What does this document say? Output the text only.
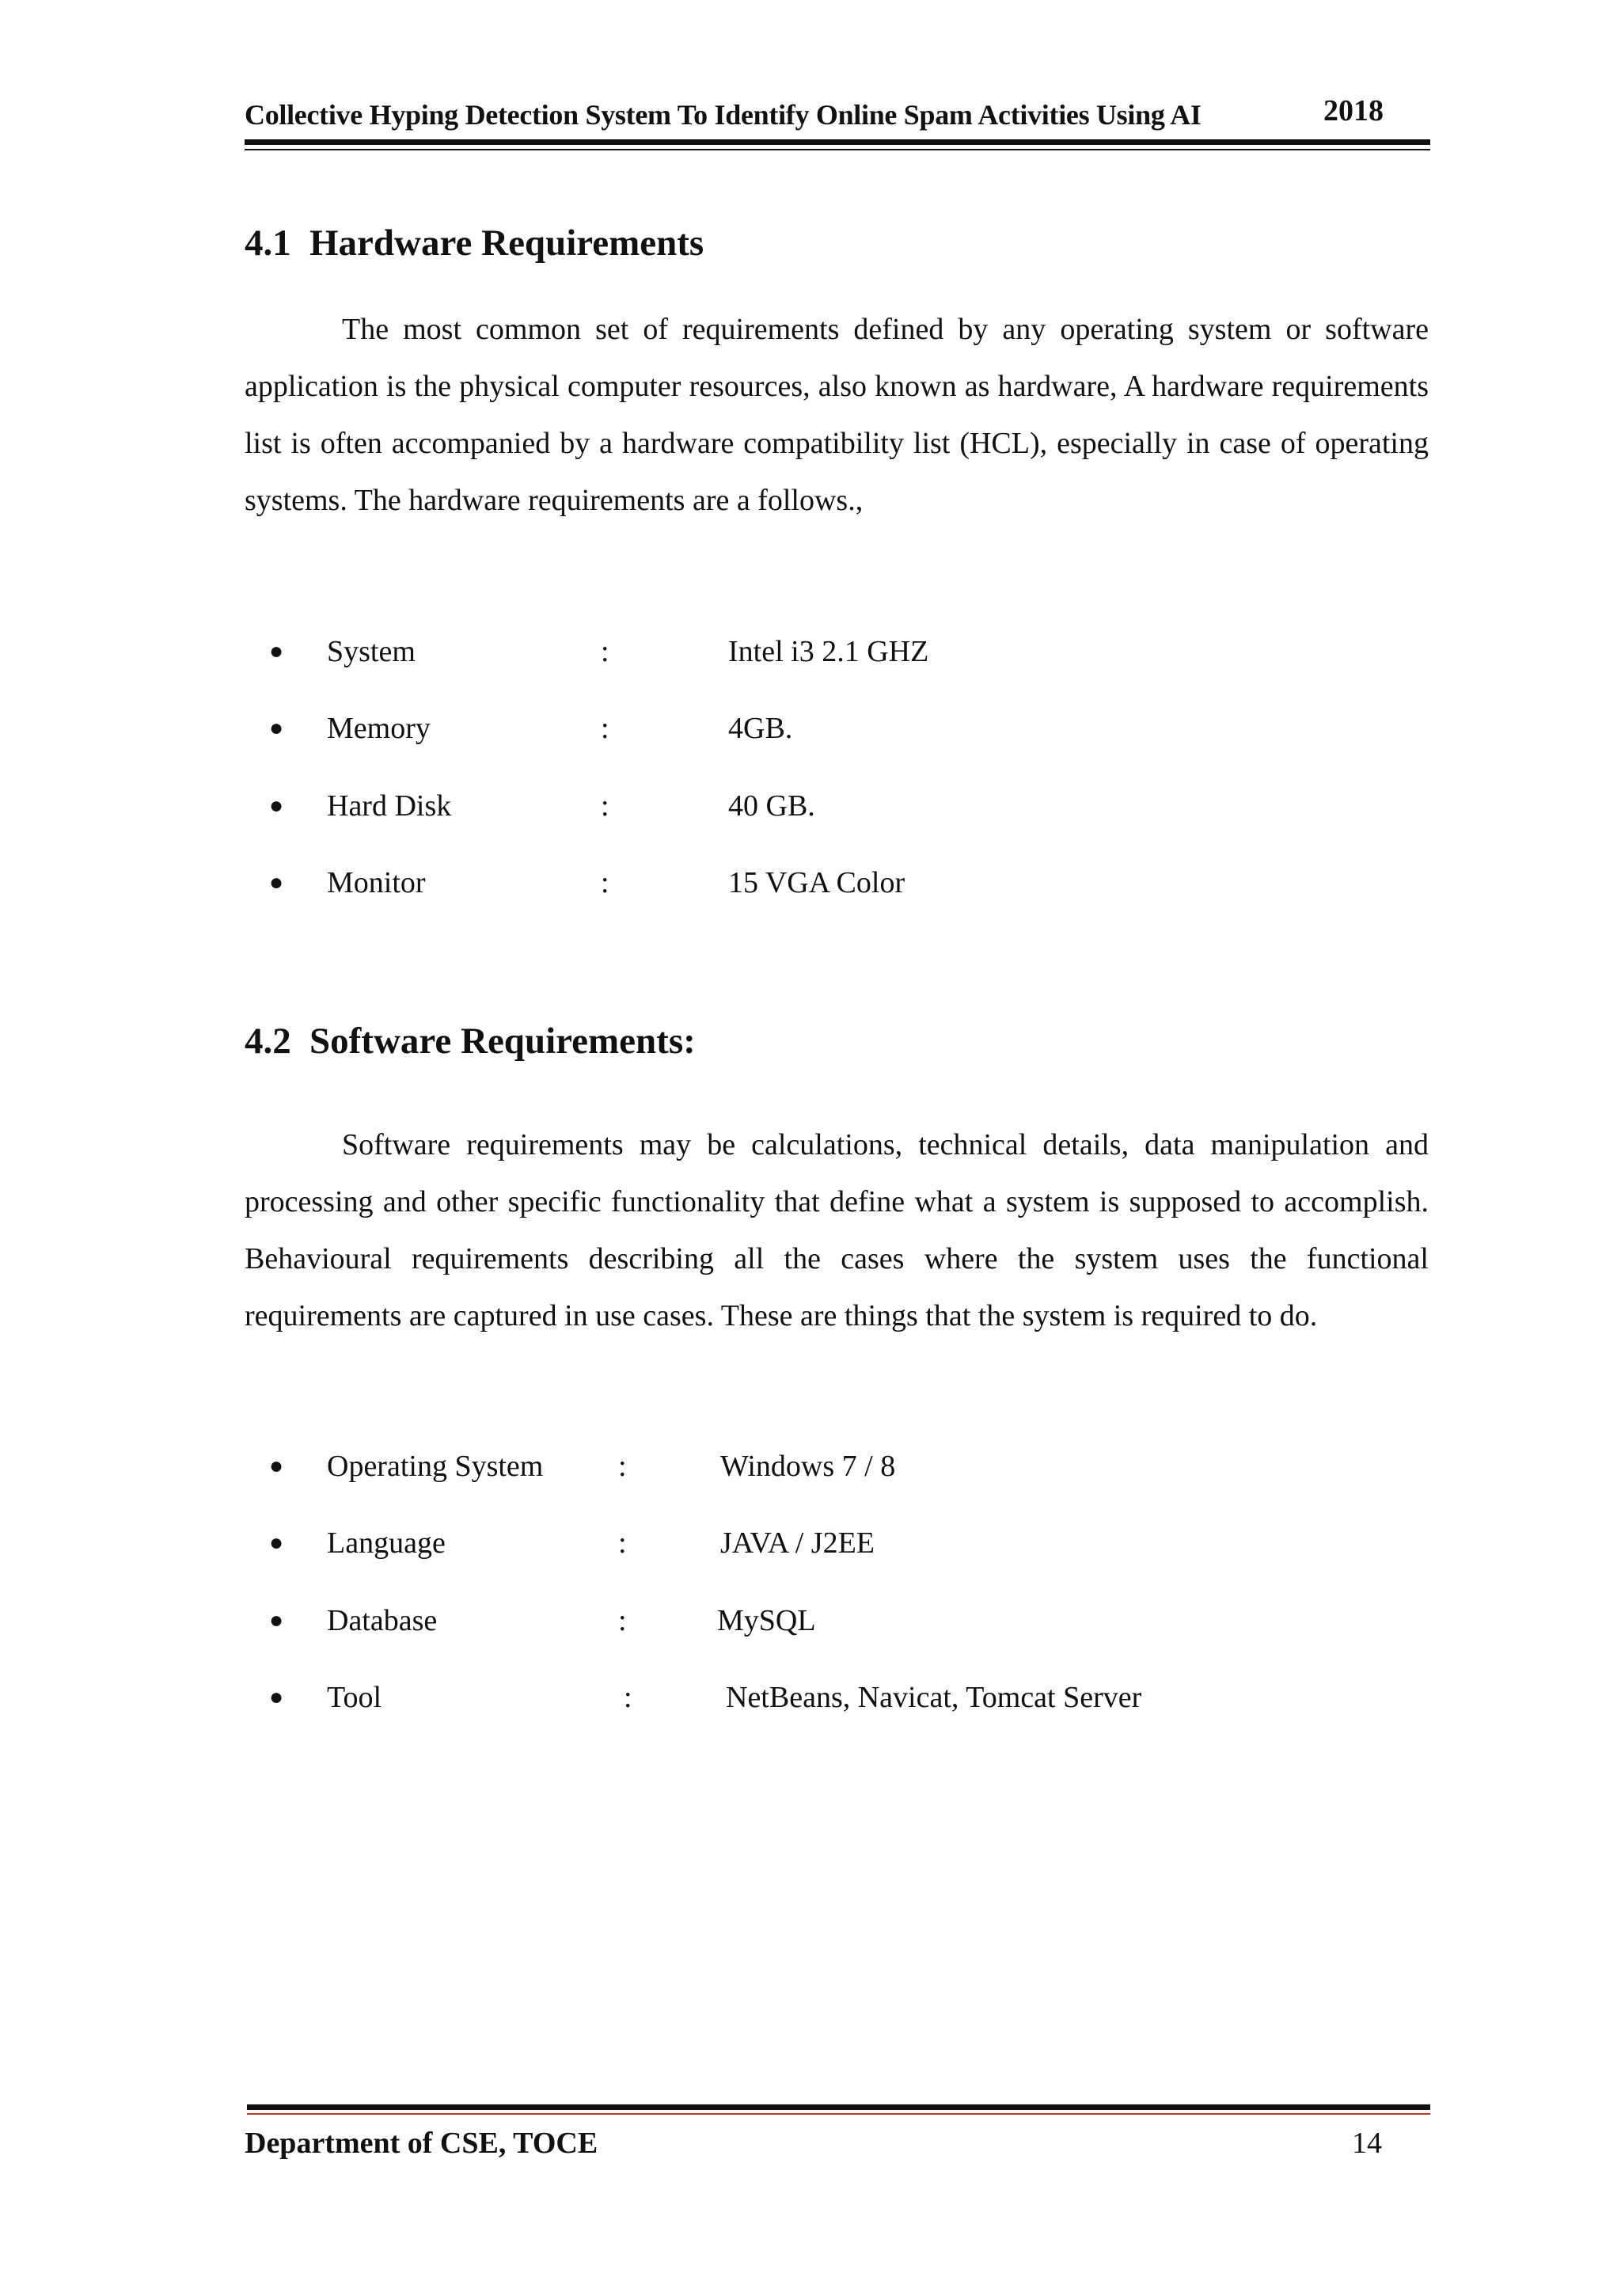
Collective Hyping Detection System To Identify Online Spam Activities Using AI	2018
4.1 Hardware Requirements
The most common set of requirements defined by any operating system or software application is the physical computer resources, also known as hardware, A hardware requirements list is often accompanied by a hardware compatibility list (HCL), especially in case of operating systems. The hardware requirements are a follows.,
● System	:	Intel i3 2.1 GHZ
● Memory	:	4GB.
● Hard Disk	:	40 GB.
● Monitor	:	15 VGA Color
4.2 Software Requirements:
Software requirements may be calculations, technical details, data manipulation and processing and other specific functionality that define what a system is supposed to accomplish. Behavioural requirements describing all the cases where the system uses the functional requirements are captured in use cases. These are things that the system is required to do.
● Operating System :	Windows 7 / 8
● Language	:	JAVA / J2EE
● Database	:	MySQL
● Tool	:	NetBeans, Navicat, Tomcat Server
Department of CSE, TOCE	14
